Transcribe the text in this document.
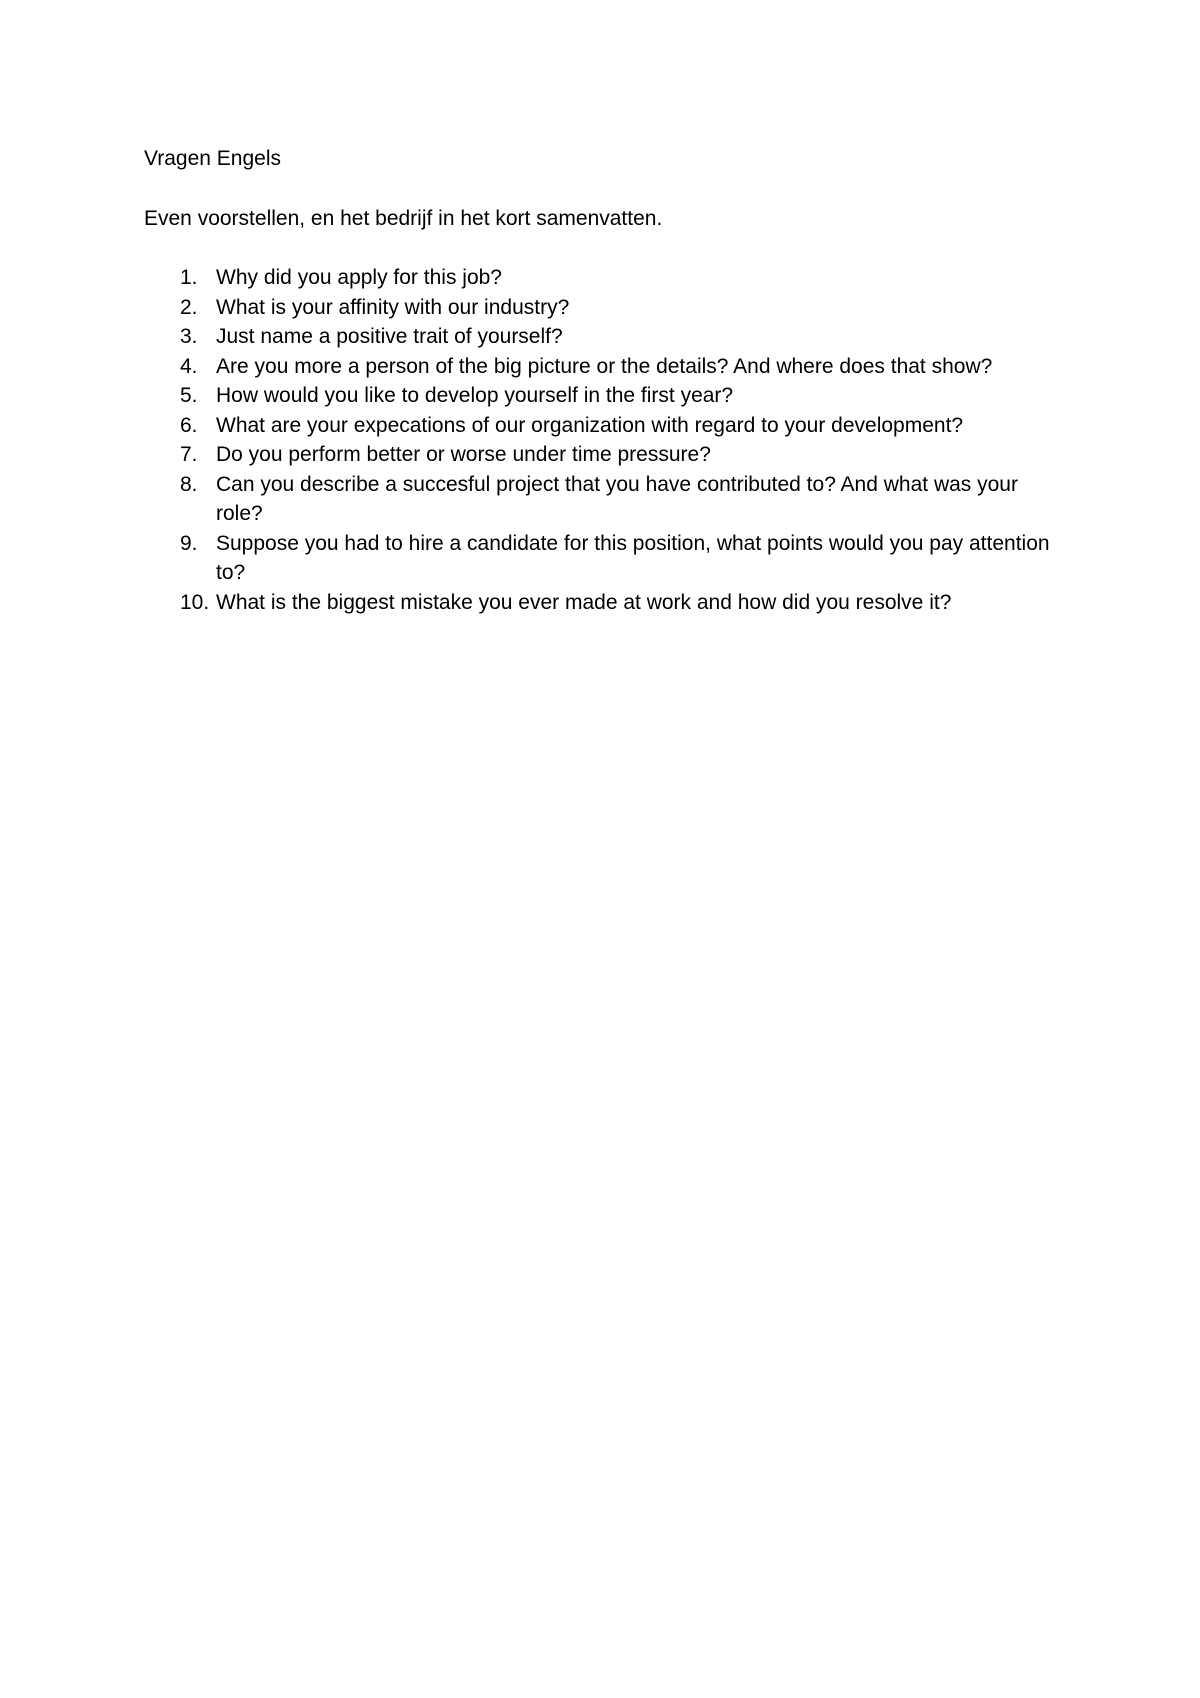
Vragen Engels

Even voorstellen, en het bedrijf in het kort samenvatten.

1. Why did you apply for this job?
2. What is your affinity with our industry?
3. Just name a positive trait of yourself?
4. Are you more a person of the big picture or the details? And where does that show?
5. How would you like to develop yourself in the first year?
6. What are your expecations of our organization with regard to your development?
7. Do you perform better or worse under time pressure?
8. Can you describe a succesful project that you have contributed to? And what was your role?
9. Suppose you had to hire a candidate for this position, what points would you pay attention to?
10. What is the biggest mistake you ever made at work and how did you resolve it?
